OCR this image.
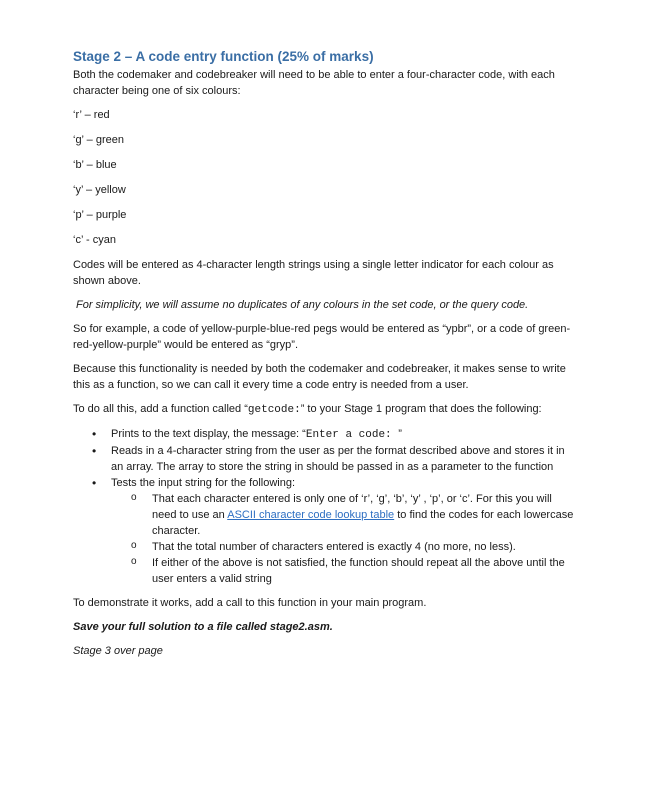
Stage 2 – A code entry function (25% of marks)

Both the codemaker and codebreaker will need to be able to enter a four-character code, with each character being one of six colours:

‘r’ – red

‘g’ – green

‘b’ – blue

‘y’ – yellow

‘p’ – purple

‘c’ - cyan

Codes will be entered as 4-character length strings using a single letter indicator for each colour as shown above.

For simplicity, we will assume no duplicates of any colours in the set code, or the query code.

So for example, a code of yellow-purple-blue-red pegs would be entered as “ypbr”, or a code of green-red-yellow-purple” would be entered as “gryp”.

Because this functionality is needed by both the codemaker and codebreaker, it makes sense to write this as a function, so we can call it every time a code entry is needed from a user.

To do all this, add a function called “getcode:” to your Stage 1 program that does the following:

• Prints to the text display, the message: “Enter a code: ”
• Reads in a 4-character string from the user as per the format described above and stores it in an array. The array to store the string in should be passed in as a parameter to the function
• Tests the input string for the following:
o That each character entered is only one of ‘r’, ‘g’, ‘b’, ‘y’ , ‘p’, or ‘c’. For this you will need to use an ASCII character code lookup table to find the codes for each lowercase character.
o That the total number of characters entered is exactly 4 (no more, no less).
o If either of the above is not satisfied, the function should repeat all the above until the user enters a valid string

To demonstrate it works, add a call to this function in your main program.

Save your full solution to a file called stage2.asm.

Stage 3 over page
